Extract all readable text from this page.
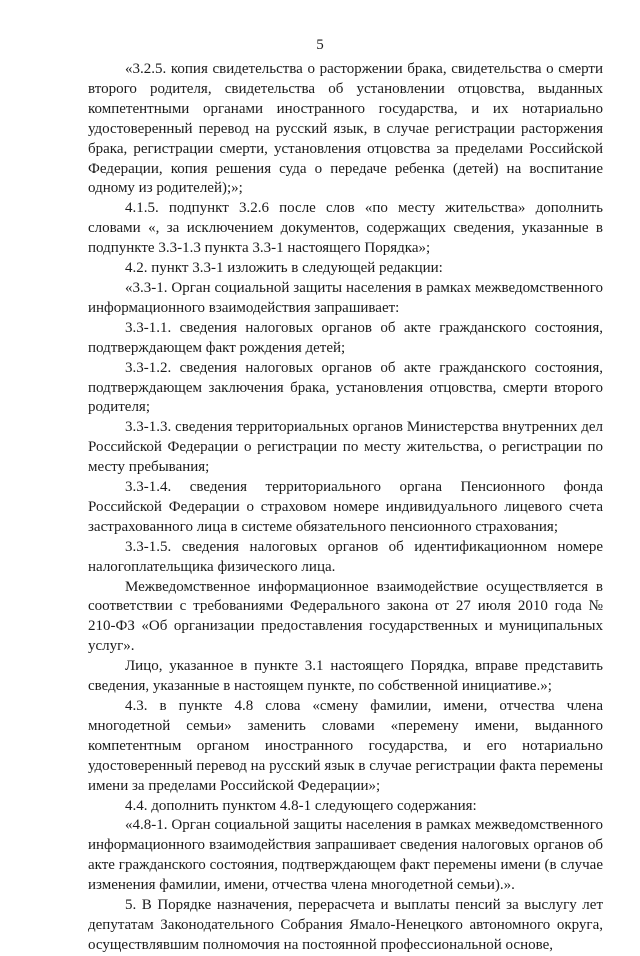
5

«3.2.5. копия свидетельства о расторжении брака, свидетельства о смерти второго родителя, свидетельства об установлении отцовства, выданных компетентными органами иностранного государства, и их нотариально удостоверенный перевод на русский язык, в случае регистрации расторжения брака, регистрации смерти, установления отцовства за пределами Российской Федерации, копия решения суда о передаче ребенка (детей) на воспитание одному из родителей);»;

4.1.5. подпункт 3.2.6 после слов «по месту жительства» дополнить словами «, за исключением документов, содержащих сведения, указанные в подпункте 3.3-1.3 пункта 3.3-1 настоящего Порядка»;

4.2. пункт 3.3-1 изложить в следующей редакции:

«3.3-1. Орган социальной защиты населения в рамках межведомственного информационного взаимодействия запрашивает:

3.3-1.1. сведения налоговых органов об акте гражданского состояния, подтверждающем факт рождения детей;

3.3-1.2. сведения налоговых органов об акте гражданского состояния, подтверждающем заключения брака, установления отцовства, смерти второго родителя;

3.3-1.3. сведения территориальных органов Министерства внутренних дел Российской Федерации о регистрации по месту жительства, о регистрации по месту пребывания;

3.3-1.4. сведения территориального органа Пенсионного фонда Российской Федерации о страховом номере индивидуального лицевого счета застрахованного лица в системе обязательного пенсионного страхования;

3.3-1.5. сведения налоговых органов об идентификационном номере налогоплательщика физического лица.

Межведомственное информационное взаимодействие осуществляется в соответствии с требованиями Федерального закона от 27 июля 2010 года № 210-ФЗ «Об организации предоставления государственных и муниципальных услуг».

Лицо, указанное в пункте 3.1 настоящего Порядка, вправе представить сведения, указанные в настоящем пункте, по собственной инициативе.»;

4.3. в пункте 4.8 слова «смену фамилии, имени, отчества члена многодетной семьи» заменить словами «перемену имени, выданного компетентным органом иностранного государства, и его нотариально удостоверенный перевод на русский язык в случае регистрации факта перемены имени за пределами Российской Федерации»;

4.4. дополнить пунктом 4.8-1 следующего содержания:

«4.8-1. Орган социальной защиты населения в рамках межведомственного информационного взаимодействия запрашивает сведения налоговых органов об акте гражданского состояния, подтверждающем факт перемены имени (в случае изменения фамилии, имени, отчества члена многодетной семьи).».

5. В Порядке назначения, перерасчета и выплаты пенсий за выслугу лет депутатам Законодательного Собрания Ямало-Ненецкого автономного округа, осуществлявшим полномочия на постоянной профессиональной основе,
